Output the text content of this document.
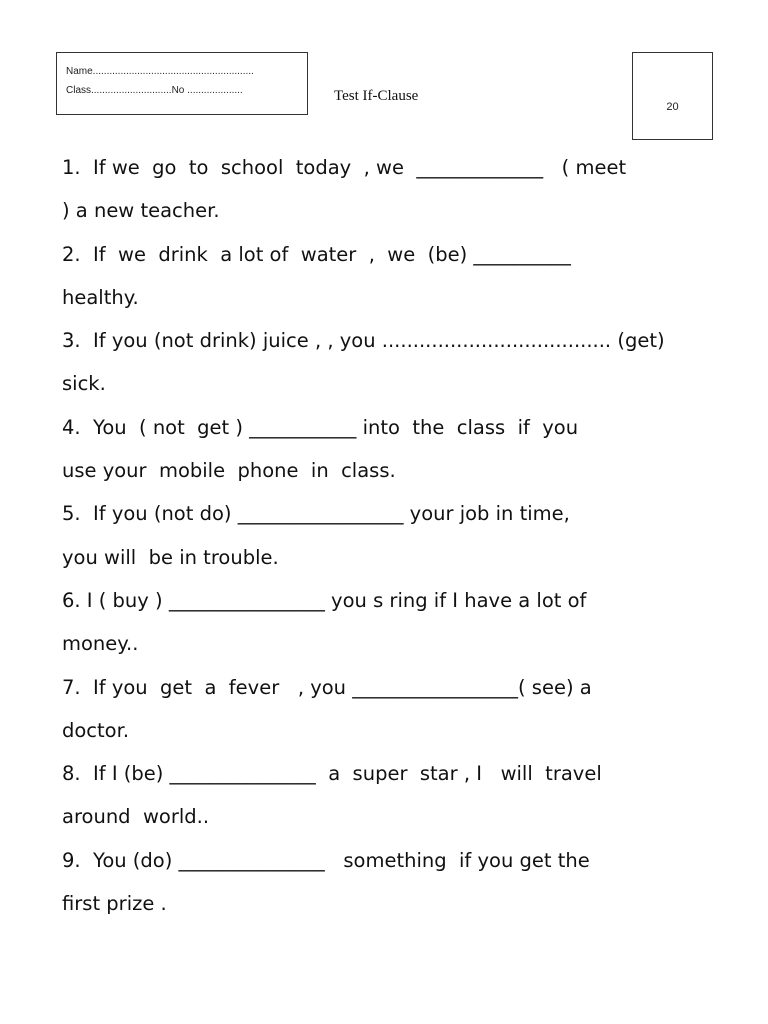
Name..........................................................
Class.............................No ....................	Test If-Clause
20
1.  If we  go  to  school  today  , we  _____________   ( meet
) a new teacher.
2.  If  we  drink  a lot of  water  ,  we  (be) __________
healthy.
3.  If you (not drink) juice , , you ..................................... (get)
sick.
4.  You  ( not  get ) ___________ into  the  class  if  you
use your  mobile  phone  in  class.
5.  If you (not do) _________________ your job in time,
you will  be in trouble.
6. I ( buy ) ________________ you s ring if I have a lot of
money..
7.  If you  get  a  fever   , you _________________( see) a
doctor.
8.  If I (be) _______________  a  super  star , I   will  travel
around  world..
9.  You (do) _______________   something  if you get the
first prize .
